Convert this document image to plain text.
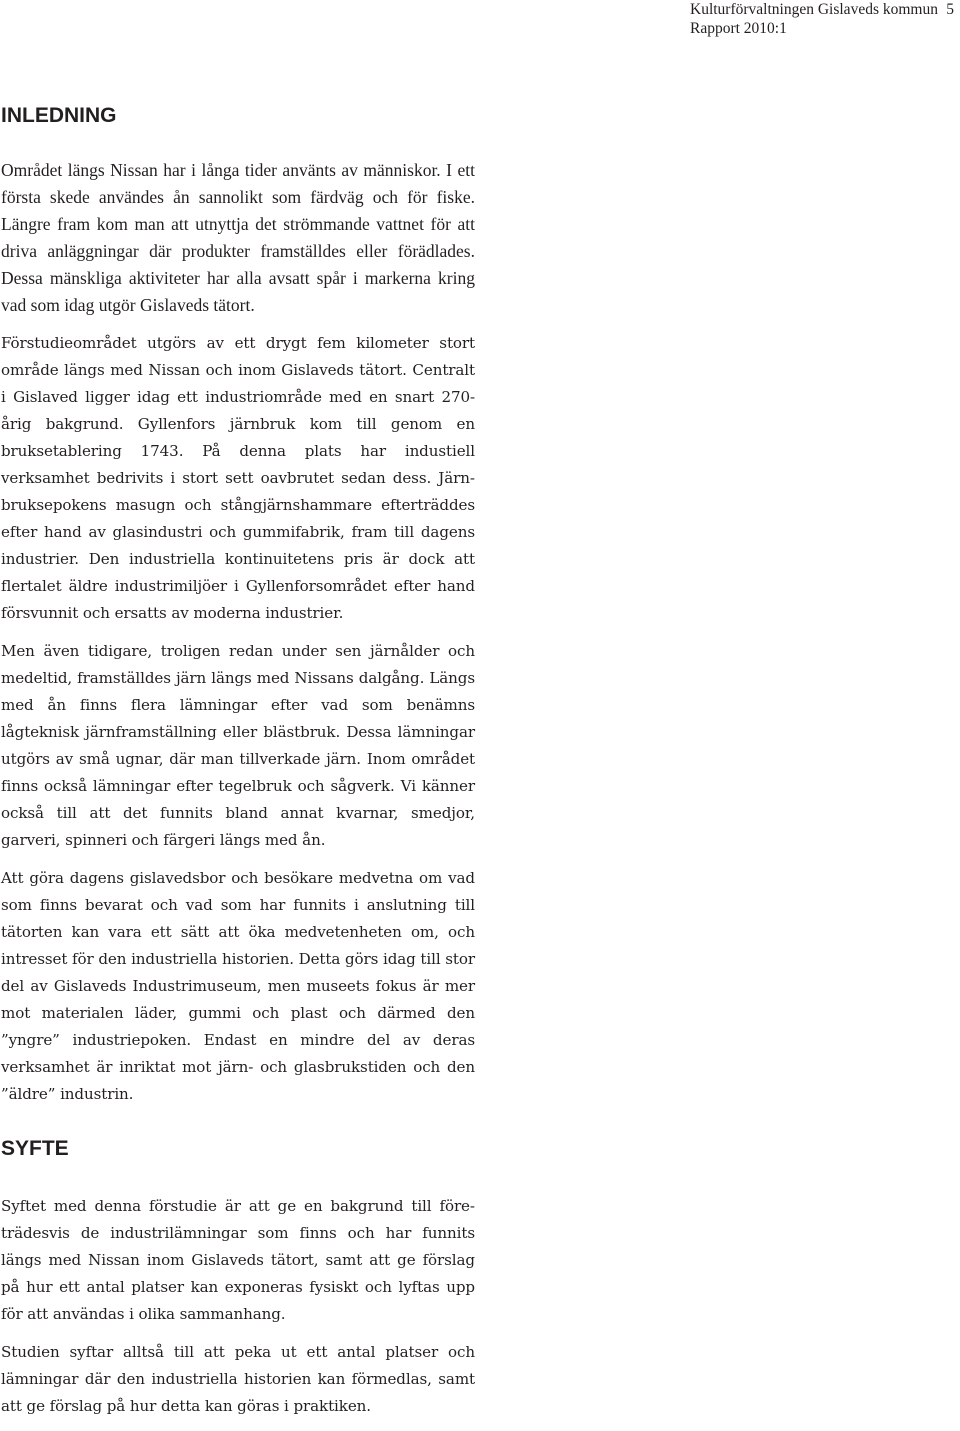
Kulturförvaltningen Gislaveds kommun 5
Rapport 2010:1
INLEDNING

Området längs Nissan har i långa tider använts av människor. I ett första skede användes ån sannolikt som färdväg och för fiske. Längre fram kom man att utnyttja det strömmande vattnet för att driva anläggningar där produkter framställdes eller förädlades. Dessa mänskliga aktiviteter har alla avsatt spår i markerna kring vad som idag utgör Gislaveds tätort.

Förstudieområdet utgörs av ett drygt fem kilometer stort område längs med Nissan och inom Gislaveds tätort. Centralt i Gislaved ligger idag ett industriområde med en snart 270-årig bakgrund. Gyllenfors järnbruk kom till genom en bruksetablering 1743. På denna plats har industiell verksamhet bedrivits i stort sett oavbrutet sedan dess. Järnbruksepokens masugn och stångjärnshammare efterträddes efter hand av glasindustri och gummifabrik, fram till dagens industrier. Den industriella kontinuitetens pris är dock att flertalet äldre industrimiljöer i Gyllenforsområdet efter hand försvunnit och ersatts av moderna industrier.

Men även tidigare, troligen redan under sen järnålder och medeltid, framställdes järn längs med Nissans dalgång. Längs med ån finns flera lämningar efter vad som benämns lågteknisk järnframställning eller blästbruk. Dessa lämningar utgörs av små ugnar, där man tillverkade järn. Inom området finns också lämningar efter tegelbruk och sågverk. Vi känner också till att det funnits bland annat kvarnar, smedjor, garveri, spinneri och färgeri längs med ån.

Att göra dagens gislavedsbor och besökare medvetna om vad som finns bevarat och vad som har funnits i anslutning till tätorten kan vara ett sätt att öka medvetenheten om, och intresset för den industriella historien. Detta görs idag till stor del av Gislaveds Industrimuseum, men museets fokus är mer mot materialen läder, gummi och plast och därmed den ”yngre” industriepoken. Endast en mindre del av deras verksamhet är inriktat mot järn- och glasbrukstiden och den ”äldre” industrin.

SYFTE

Syftet med denna förstudie är att ge en bakgrund till företrädesvis de industrilämningar som finns och har funnits längs med Nissan inom Gislaveds tätort, samt att ge förslag på hur ett antal platser kan exponeras fysiskt och lyftas upp för att användas i olika sammanhang.

Studien syftar alltså till att peka ut ett antal platser och lämningar där den industriella historien kan förmedlas, samt att ge förslag på hur detta kan göras i praktiken.
